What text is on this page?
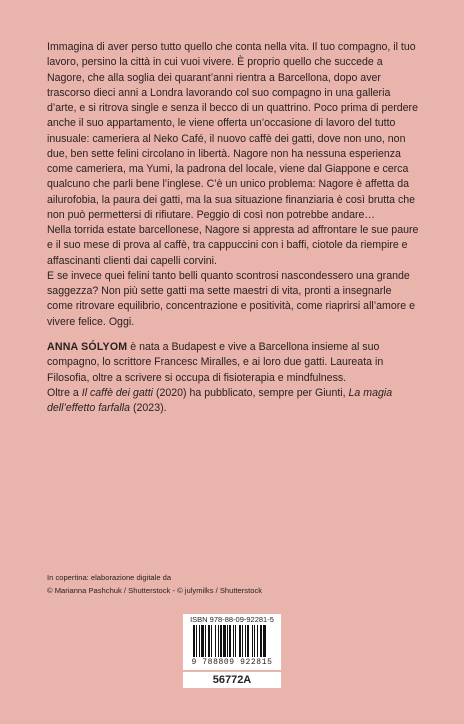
Immagina di aver perso tutto quello che conta nella vita. Il tuo compagno, il tuo lavoro, persino la città in cui vuoi vivere. È proprio quello che succede a Nagore, che alla soglia dei quarant’anni rientra a Barcellona, dopo aver trascorso dieci anni a Londra lavorando col suo compagno in una galleria d’arte, e si ritrova single e senza il becco di un quattrino. Poco prima di perdere anche il suo appartamento, le viene offerta un’occasione di lavoro del tutto inusuale: cameriera al Neko Café, il nuovo caffè dei gatti, dove non uno, non due, ben sette felini circolano in libertà. Nagore non ha nessuna esperienza come cameriera, ma Yumi, la padrona del locale, viene dal Giappone e cerca qualcuno che parli bene l’inglese. C’è un unico problema: Nagore è affetta da ailurofobia, la paura dei gatti, ma la sua situazione finanziaria è così brutta che non può permettersi di rifiutare. Peggio di così non potrebbe andare…

Nella torrida estate barcellonese, Nagore si appresta ad affrontare le sue paure e il suo mese di prova al caffè, tra cappuccini con i baffi, ciotole da riempire e affascinanti clienti dai capelli corvini.

E se invece quei felini tanto belli quanto scontrosi nascondessero una grande saggezza? Non più sette gatti ma sette maestri di vita, pronti a insegnarle come ritrovare equilibrio, concentrazione e positività, come riaprirsi all’amore e vivere felice. Oggi.

ANNA SÓLYOM è nata a Budapest e vive a Barcellona insieme al suo compagno, lo scrittore Francesc Miralles, e ai loro due gatti. Laureata in Filosofia, oltre a scrivere si occupa di fisioterapia e mindfulness.

Oltre a Il caffè dei gatti (2020) ha pubblicato, sempre per Giunti, La magia dell’effetto farfalla (2023).

In copertina: elaborazione digitale da
© Marianna Pashchuk / Shutterstock - © julymilks / Shutterstock
ISBN 978-88-09-92281-5
9 788809 922815
56772A
